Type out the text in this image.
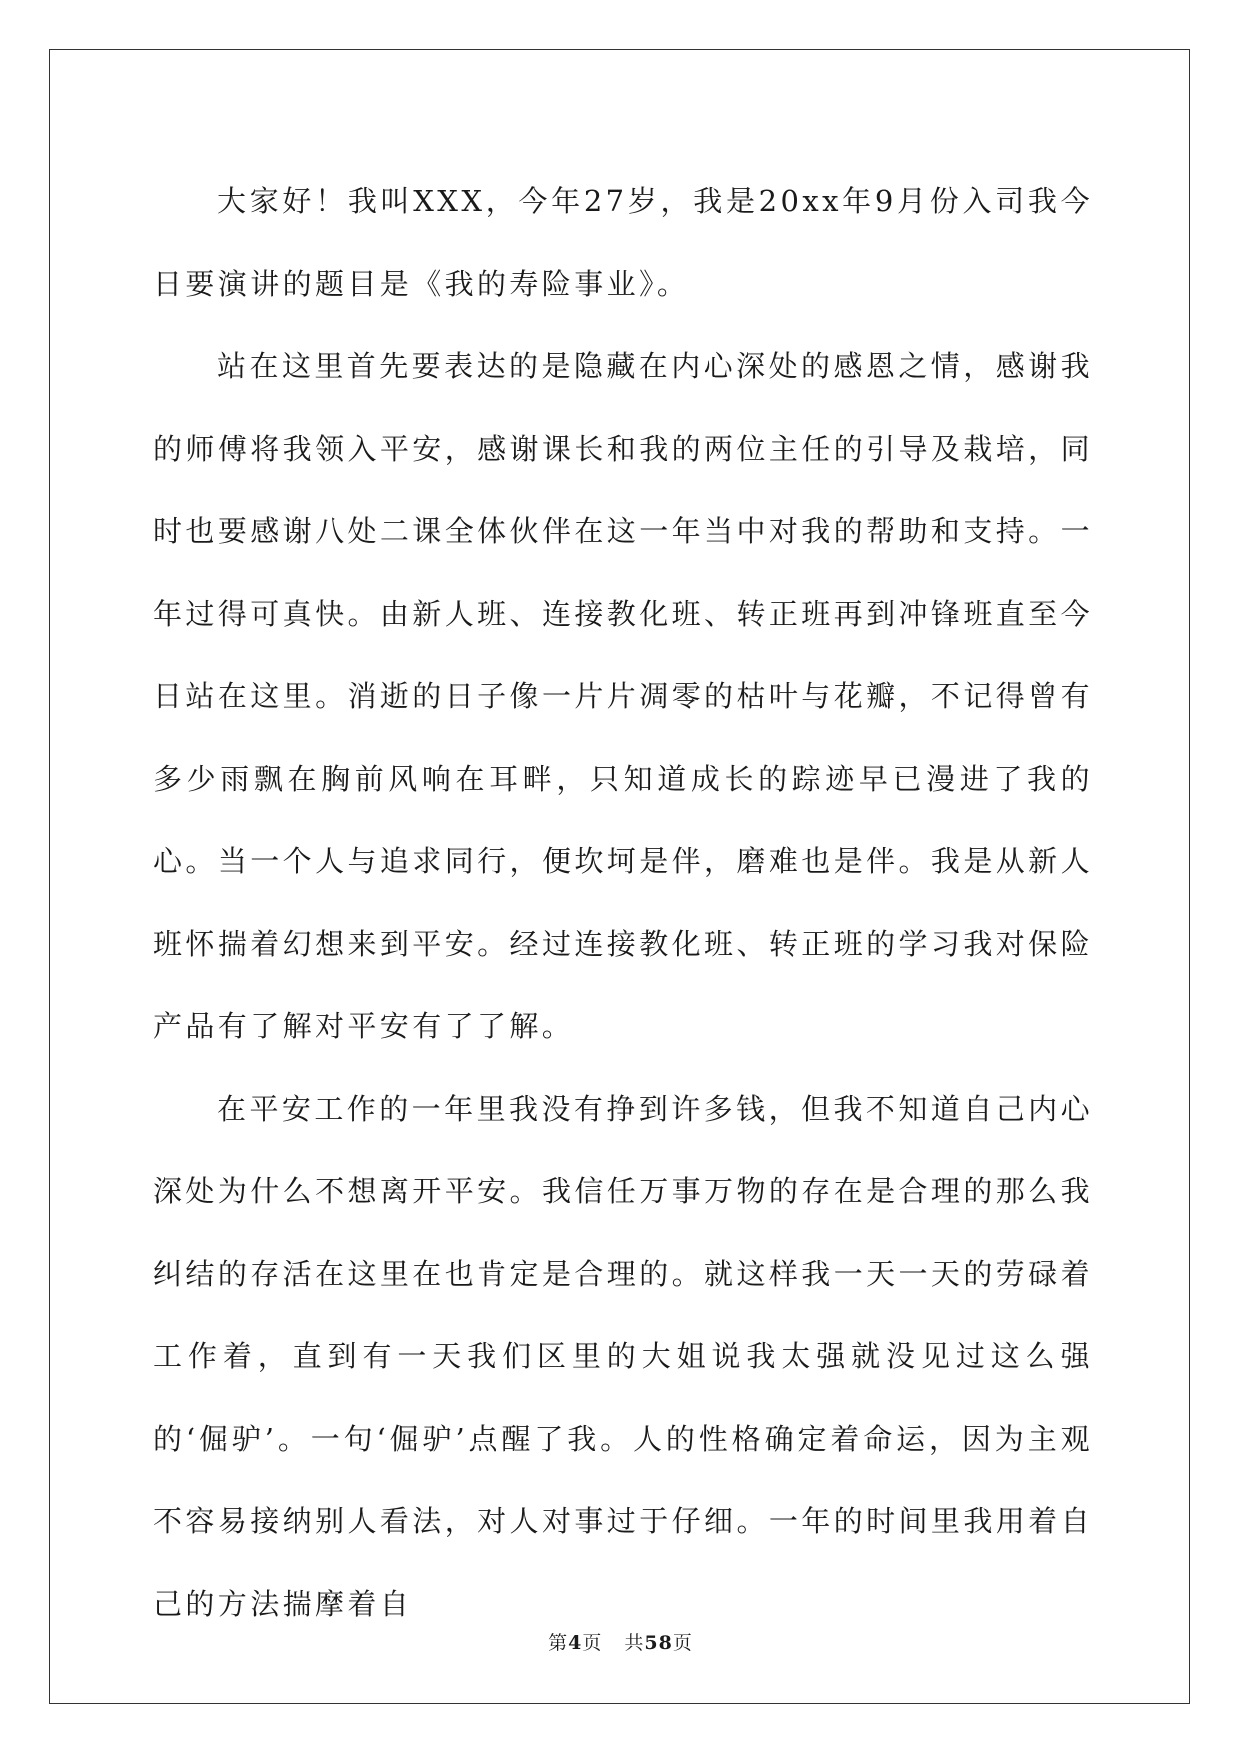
大家好！我叫XXX，今年27岁，我是20xx年9月份入司我今日要演讲的题目是《我的寿险事业》。

站在这里首先要表达的是隐藏在内心深处的感恩之情，感谢我的师傅将我领入平安，感谢课长和我的两位主任的引导及栽培，同时也要感谢八处二课全体伙伴在这一年当中对我的帮助和支持。一年过得可真快。由新人班、连接教化班、转正班再到冲锋班直至今日站在这里。消逝的日子像一片片凋零的枯叶与花瓣，不记得曾有多少雨飘在胸前风响在耳畔，只知道成长的踪迹早已漫进了我的心。当一个人与追求同行，便坎坷是伴，磨难也是伴。我是从新人班怀揣着幻想来到平安。经过连接教化班、转正班的学习我对保险产品有了解对平安有了了解。

在平安工作的一年里我没有挣到许多钱，但我不知道自己内心深处为什么不想离开平安。我信任万事万物的存在是合理的那么我纠结的存活在这里在也肯定是合理的。就这样我一天一天的劳碌着工作着，直到有一天我们区里的大姐说我太强就没见过这么强的‘倔驴’。一句‘倔驴’点醒了我。人的性格确定着命运，因为主观不容易接纳别人看法，对人对事过于仔细。一年的时间里我用着自己的方法揣摩着自

第4页 共58页
